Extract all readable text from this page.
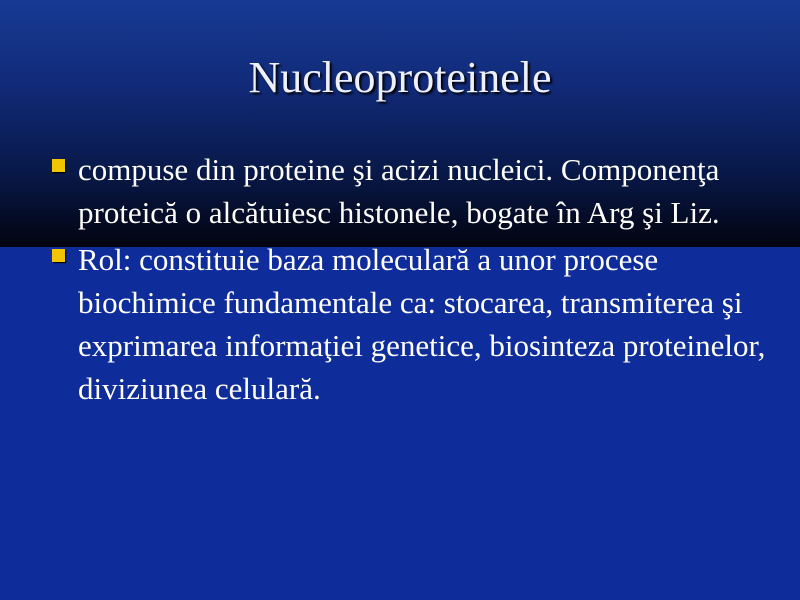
Nucleoproteinele
compuse din proteine şi acizi nucleici. Componenţa proteică o alcătuiesc histonele, bogate în Arg şi Liz.
Rol: constituie baza moleculară a unor procese biochimice fundamentale ca: stocarea, transmiterea şi exprimarea informaţiei genetice, biosinteza proteinelor, diviziunea celulară.
